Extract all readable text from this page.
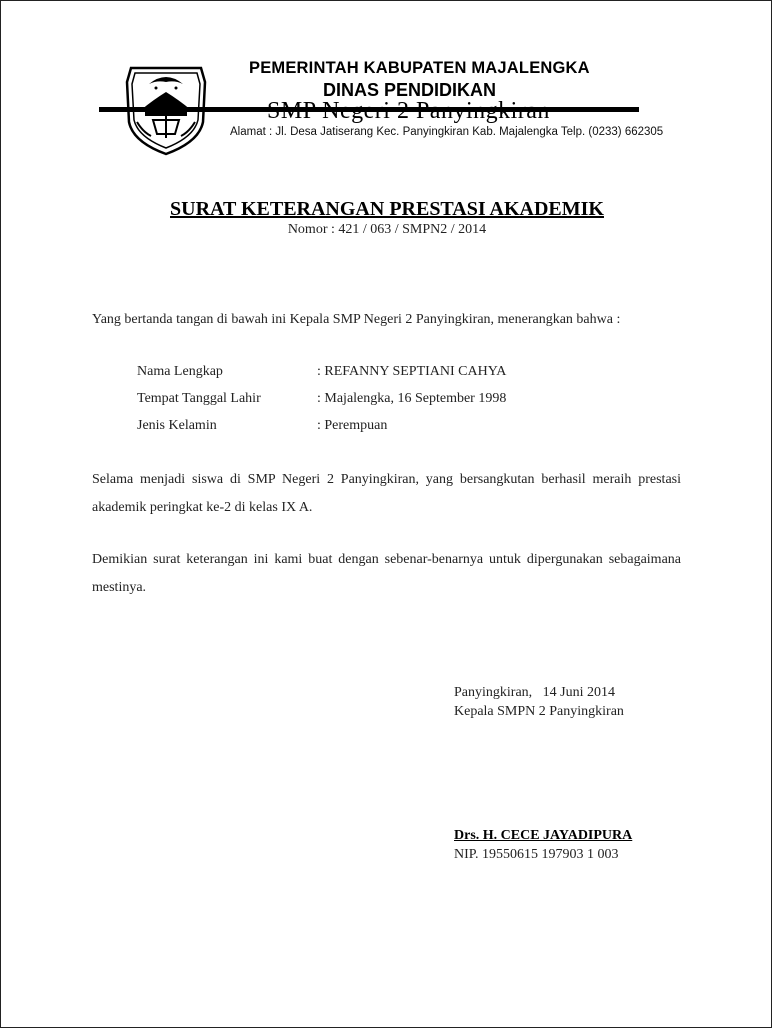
PEMERINTAH KABUPATEN MAJALENGKA
DINAS PENDIDIKAN
Alamat : Jl. Desa Jatiserang Kec. Panyingkiran Kab. Majalengka Telp. (0233) 662305
SURAT KETERANGAN PRESTASI AKADEMIK
Nomor : 421 / 063 / SMPN2 / 2014
Yang bertanda tangan di bawah ini Kepala SMP Negeri 2 Panyingkiran, menerangkan bahwa :
Nama Lengkap	: REFANNY SEPTIANI CAHYA
Tempat Tanggal Lahir	: Majalengka, 16 September 1998
Jenis Kelamin	: Perempuan
Selama menjadi siswa di SMP Negeri 2 Panyingkiran, yang bersangkutan berhasil meraih prestasi akademik peringkat ke-2 di kelas IX A.
Demikian surat keterangan ini kami buat dengan sebenar-benarnya untuk dipergunakan sebagaimana mestinya.
Panyingkiran,   14 Juni 2014
Kepala SMPN 2 Panyingkiran
Drs. H. CECE JAYADIPURA
NIP. 19550615 197903 1 003
